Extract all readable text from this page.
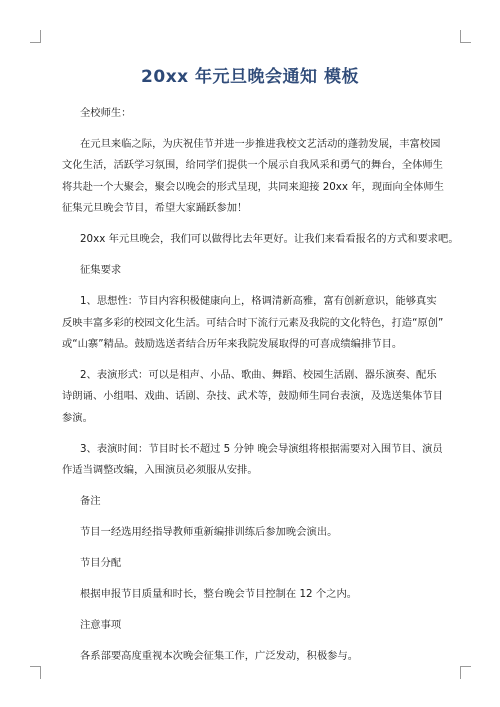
20xx 年元旦晚会通知 模板
全校师生：
在元旦来临之际，为庆祝佳节并进一步推进我校文艺活动的蓬勃发展，丰富校园
文化生活，活跃学习氛围，给同学们提供一个展示自我风采和勇气的舞台，全体师生
将共赴一个大聚会，聚会以晚会的形式呈现，共同来迎接 20xx 年，现面向全体师生
征集元旦晚会节目，希望大家踊跃参加！
20xx 年元旦晚会，我们可以做得比去年更好。让我们来看看报名的方式和要求吧。
征集要求
1、思想性：节目内容积极健康向上，格调清新高雅，富有创新意识，能够真实
反映丰富多彩的校园文化生活。可结合时下流行元素及我院的文化特色，打造“原创”
或“山寨”精品。鼓励选送者结合历年来我院发展取得的可喜成绩编排节目。
2、表演形式：可以是相声、小品、歌曲、舞蹈、校园生活剧、器乐演奏、配乐
诗朗诵、小组唱、戏曲、话剧、杂技、武术等，鼓励师生同台表演，及选送集体节目
参演。
3、表演时间：节目时长不超过 5 分钟 晚会导演组将根据需要对入围节目、演员
作适当调整改编，入围演员必须服从安排。
备注
节目一经选用经指导教师重新编排训练后参加晚会演出。
节目分配
根据申报节目质量和时长，整台晚会节目控制在 12 个之内。
注意事项
各系部要高度重视本次晚会征集工作，广泛发动，积极参与。
